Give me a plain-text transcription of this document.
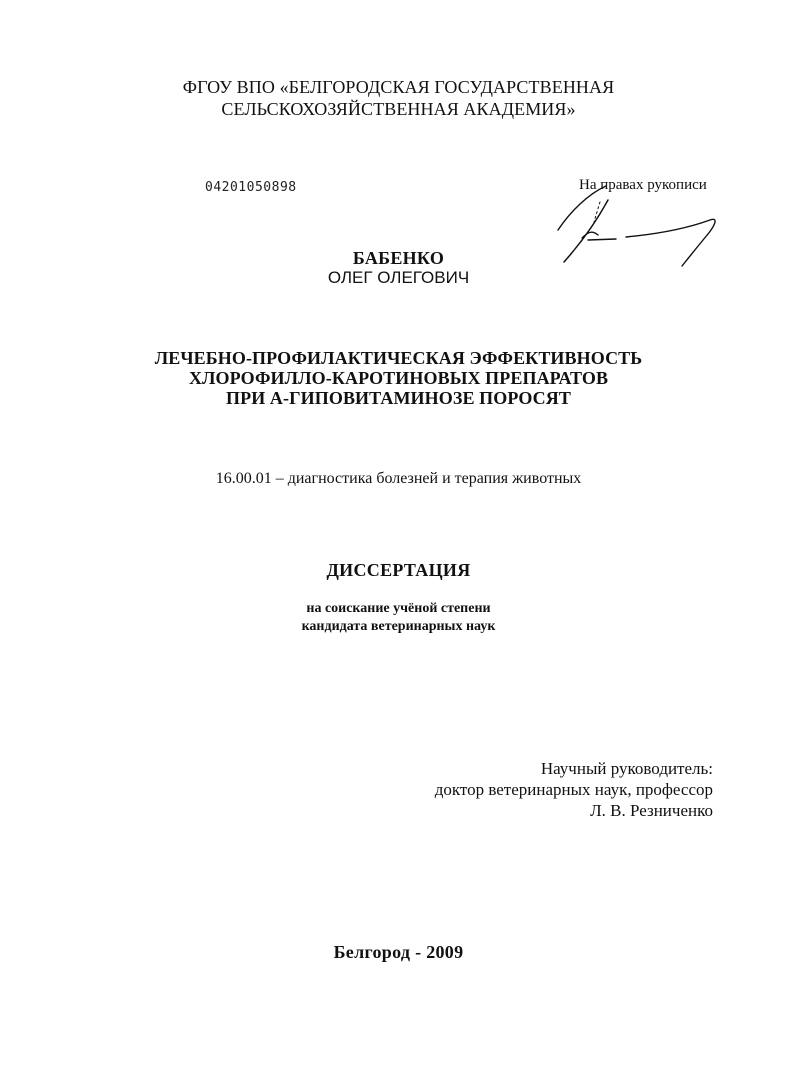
ФГОУ ВПО «БЕЛГОРОДСКАЯ ГОСУДАРСТВЕННАЯ
СЕЛЬСКОХОЗЯЙСТВЕННАЯ АКАДЕМИЯ»
04201050898	На правах рукописи
БАБЕНКО
ОЛЕГ ОЛЕГОВИЧ
ЛЕЧЕБНО-ПРОФИЛАКТИЧЕСКАЯ ЭФФЕКТИВНОСТЬ
ХЛОРОФИЛЛО-КАРОТИНОВЫХ ПРЕПАРАТОВ
ПРИ А-ГИПОВИТАМИНОЗЕ ПОРОСЯТ
16.00.01 – диагностика болезней и терапия животных
ДИССЕРТАЦИЯ
на соискание учёной степени
кандидата ветеринарных наук
Научный руководитель:
доктор ветеринарных наук, профессор
Л. В. Резниченко
Белгород - 2009
